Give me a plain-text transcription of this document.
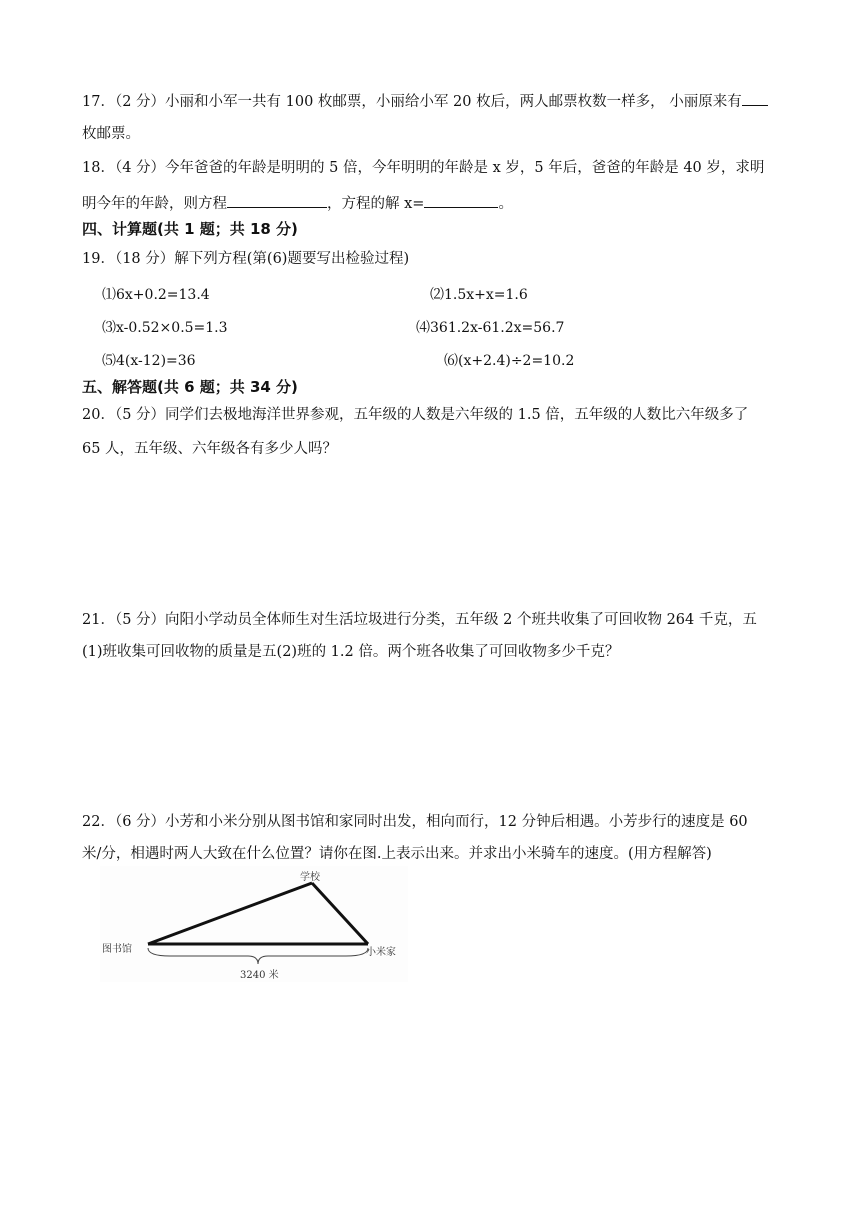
17．（2 分）小丽和小军一共有 100 枚邮票，小丽给小军 20 枚后，两人邮票枚数一样多， 小丽原来有
枚邮票。
18．（4 分）今年爸爸的年龄是明明的 5 倍，今年明明的年龄是 x 岁，5 年后，爸爸的年龄是 40 岁，求明
明今年的年龄，则方程	，方程的解 x=	。
四、计算题(共 1 题；共 18 分)
19．（18 分）解下列方程(第(6)题要写出检验过程)
⑴6x+0.2=13.4	⑵1.5x+x=1.6
⑶x-0.52×0.5=1.3	⑷361.2x-61.2x=56.7
⑸4(x-12)=36	⑹(x+2.4)÷2=10.2
五、解答题(共 6 题；共 34 分)
20．（5 分）同学们去极地海洋世界参观，五年级的人数是六年级的 1.5 倍，五年级的人数比六年级多了
65 人，五年级、六年级各有多少人吗？
21．（5 分）向阳小学动员全体师生对生活垃圾进行分类，五年级 2 个班共收集了可回收物 264 千克，五
(1)班收集可回收物的质量是五(2)班的 1.2 倍。两个班各收集了可回收物多少千克？
22．（6 分）小芳和小米分别从图书馆和家同时出发，相向而行，12 分钟后相遇。小芳步行的速度是 60
米/分，相遇时两人大致在什么位置？请你在图.上表示出来。并求出小米骑车的速度。(用方程解答)
学校
图书馆	小米家
3240 米
